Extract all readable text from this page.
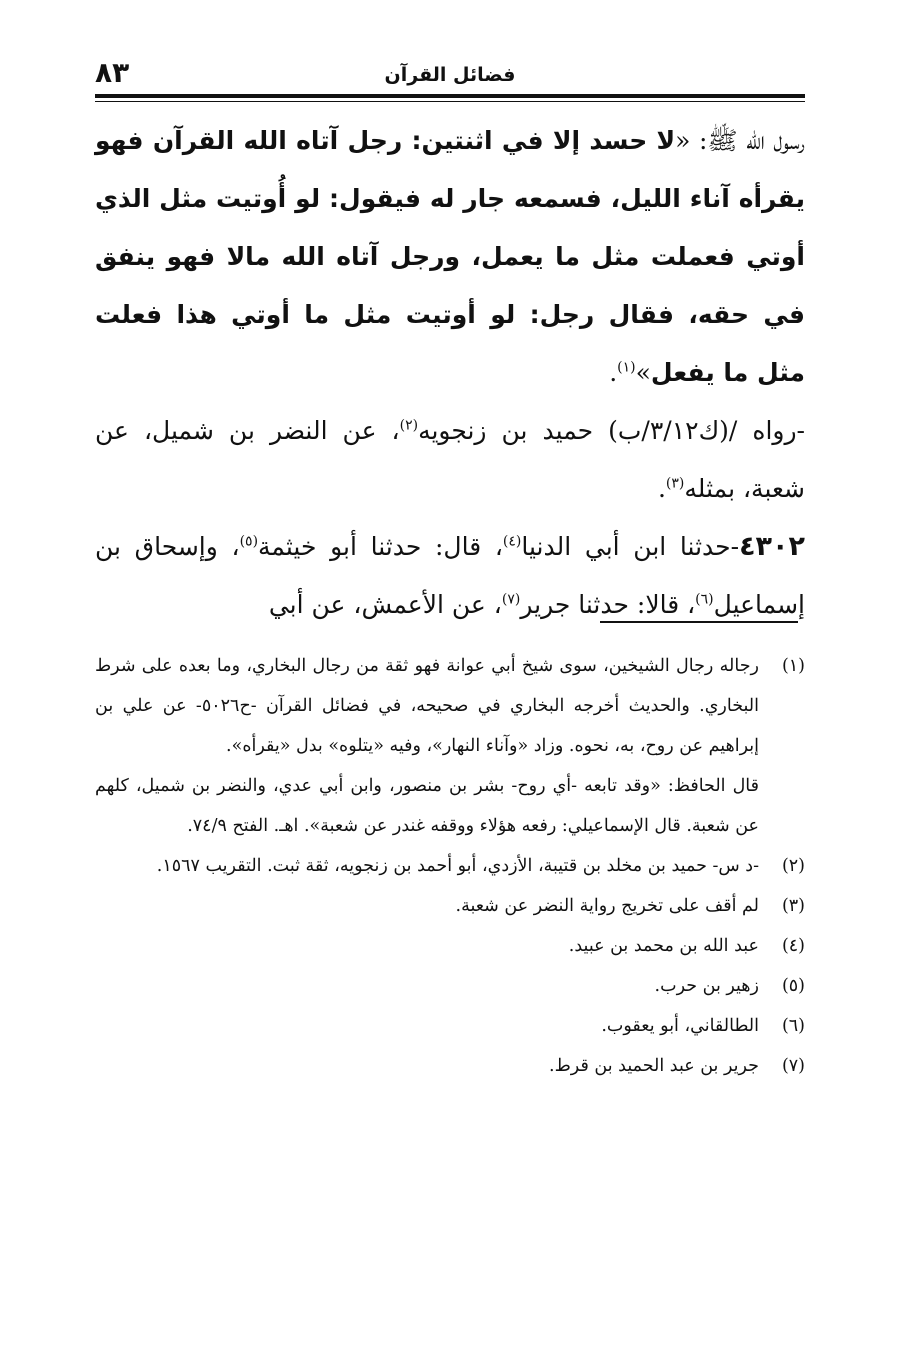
فضائل القرآن
٨٣

رسول الله ﷺ: «لا حسد إلا في اثنتين: رجل آتاه الله القرآن فهو يقرأه آناء الليل، فسمعه جار له فيقول: لو أُوتيت مثل الذي أوتي فعملت مثل ما يعمل، ورجل آتاه الله مالا فهو ينفق في حقه، فقال رجل: لو أوتيت مثل ما أوتي هذا فعلت مثل ما يفعل»$^{(١)}$.

-رواه /(ك٣/١٢/ب) حميد بن زنجويه$^{(٢)}$، عن النضر بن شميل، عن شعبة، بمثله$^{(٣)}$.

٤٣٠٢-حدثنا ابن أبي الدنيا$^{(٤)}$، قال: حدثنا أبو خيثمة$^{(٥)}$، وإسحاق بن إسماعيل$^{(٦)}$، قالا: حدثنا جرير$^{(٧)}$، عن الأعمش، عن أبي

(١)
رجاله رجال الشيخين، سوى شيخ أبي عوانة فهو ثقة من رجال البخاري، وما بعده على شرط البخاري. والحديث أخرجه البخاري في صحيحه، في فضائل القرآن -ح٥٠٢٦- عن علي بن إبراهيم عن روح، به، نحوه. وزاد «وآناء النهار»، وفيه «يتلوه» بدل «يقرأه».
قال الحافظ: «وقد تابعه -أي روح- بشر بن منصور، وابن أبي عدي، والنضر بن شميل، كلهم عن شعبة. قال الإسماعيلي: رفعه هؤلاء ووقفه غندر عن شعبة». اهـ. الفتح ٧٤/٩.
(٢)
-د س- حميد بن مخلد بن قتيبة، الأزدي، أبو أحمد بن زنجويه، ثقة ثبت. التقريب ١٥٦٧.
(٣)
لم أقف على تخريج رواية النضر عن شعبة.
(٤)
عبد الله بن محمد بن عبيد.
(٥)
زهير بن حرب.
(٦)
الطالقاني، أبو يعقوب.
(٧)
جرير بن عبد الحميد بن قرط.
